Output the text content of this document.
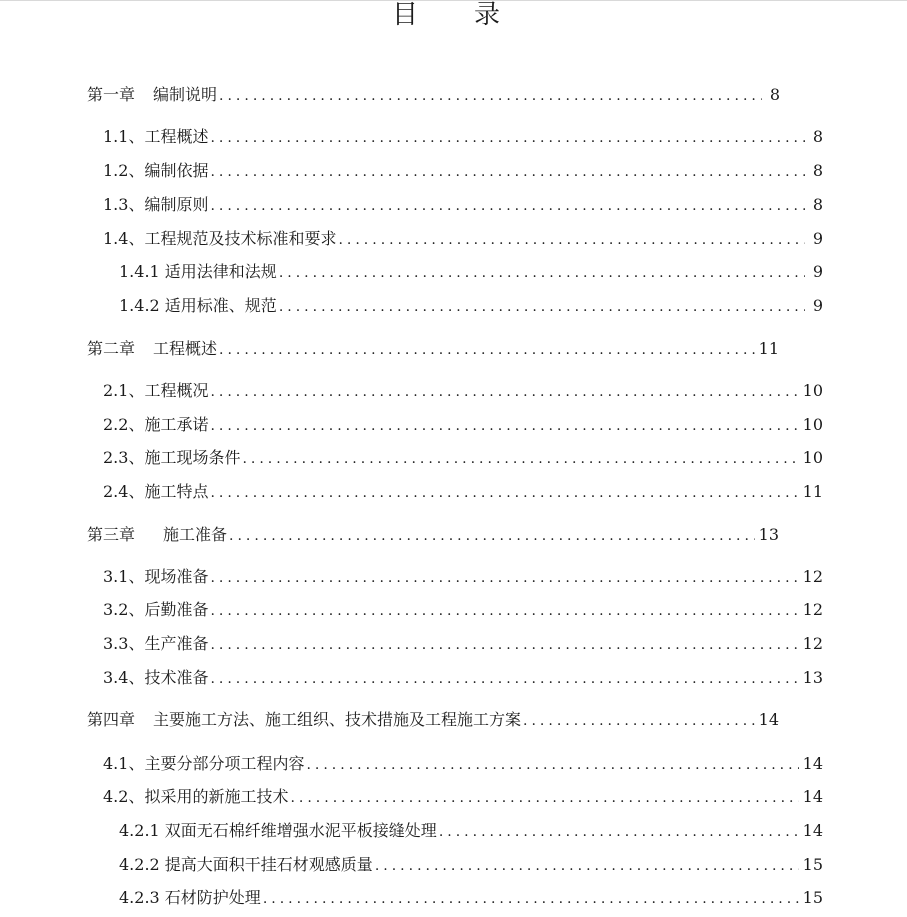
目 录
第一章 编制说明 .....	8
1.1、工程概述 .....	8
1.2、编制依据 .....	8
1.3、编制原则 .....	8
1.4、工程规范及技术标准和要求 .....	9
1.4.1 适用法律和法规 .....	9
1.4.2 适用标准、规范 .....	9
第二章 工程概述 .....	11
2.1、工程概况 .....	10
2.2、施工承诺 .....	10
2.3、施工现场条件 .....	10
2.4、施工特点 .....	11
第三章 施工准备 .....	13
3.1、现场准备 .....	12
3.2、后勤准备 .....	12
3.3、生产准备 .....	12
3.4、技术准备 .....	13
第四章 主要施工方法、施工组织、技术措施及工程施工方案 .....	14
4.1、主要分部分项工程内容 .....	14
4.2、拟采用的新施工技术 .....	14
4.2.1 双面无石棉纤维增强水泥平板接缝处理 .....	14
4.2.2 提高大面积干挂石材观感质量 .....	15
4.2.3 石材防护处理 .....	15
